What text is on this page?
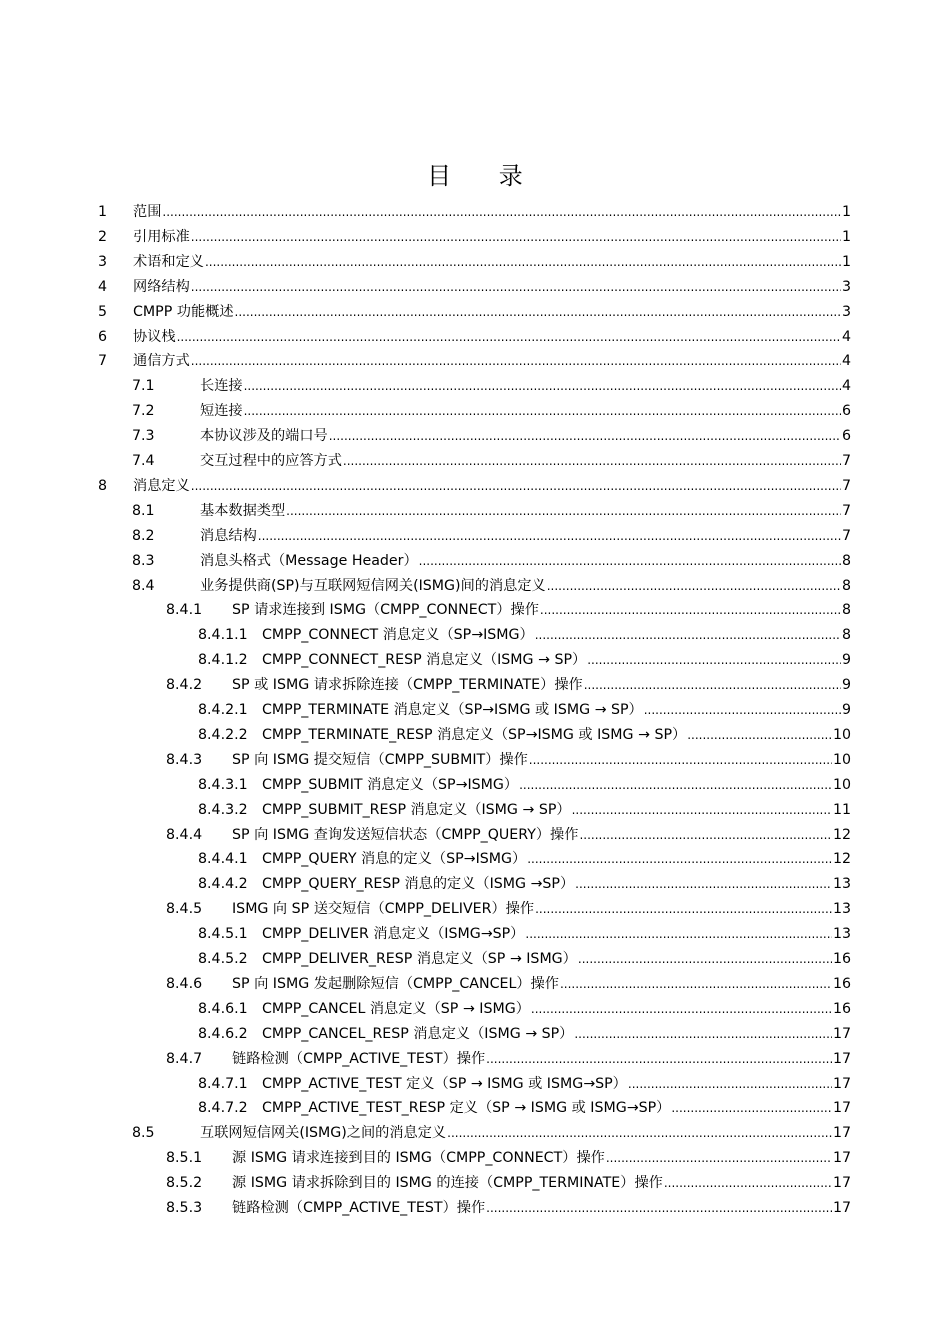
目 录
1	范围 .....	1
2	引用标准 .....	1
3	术语和定义 .....	1
4	网络结构 .....	3
5	CMPP 功能概述 .....	3
6	协议栈 .....	4
7	通信方式 .....	4
7.1	长连接 .....	4
7.2	短连接 .....	6
7.3	本协议涉及的端口号 .....	6
7.4	交互过程中的应答方式 .....	7
8	消息定义 .....	7
8.1	基本数据类型 .....	7
8.2	消息结构 .....	7
8.3	消息头格式（Message Header） .....	8
8.4	业务提供商(SP)与互联网短信网关(ISMG)间的消息定义 .....	8
8.4.1	SP 请求连接到 ISMG（CMPP_CONNECT）操作 .....	8
8.4.1.1	CMPP_CONNECT 消息定义（SP→ISMG） .....	8
8.4.1.2	CMPP_CONNECT_RESP 消息定义（ISMG → SP） .....	9
8.4.2	SP 或 ISMG 请求拆除连接（CMPP_TERMINATE）操作 .....	9
8.4.2.1	CMPP_TERMINATE 消息定义（SP→ISMG 或 ISMG → SP） .....	9
8.4.2.2	CMPP_TERMINATE_RESP 消息定义（SP→ISMG 或 ISMG → SP） .....	10
8.4.3	SP 向 ISMG 提交短信（CMPP_SUBMIT）操作 .....	10
8.4.3.1	CMPP_SUBMIT 消息定义（SP→ISMG） .....	10
8.4.3.2	CMPP_SUBMIT_RESP 消息定义（ISMG → SP） .....	11
8.4.4	SP 向 ISMG 查询发送短信状态（CMPP_QUERY）操作 .....	12
8.4.4.1	CMPP_QUERY 消息的定义（SP→ISMG） .....	12
8.4.4.2	CMPP_QUERY_RESP 消息的定义（ISMG →SP） .....	13
8.4.5	ISMG 向 SP 送交短信（CMPP_DELIVER）操作 .....	13
8.4.5.1	CMPP_DELIVER 消息定义（ISMG→SP） .....	13
8.4.5.2	CMPP_DELIVER_RESP 消息定义（SP → ISMG） .....	16
8.4.6	SP 向 ISMG 发起删除短信（CMPP_CANCEL）操作 .....	16
8.4.6.1	CMPP_CANCEL 消息定义（SP → ISMG） .....	16
8.4.6.2	CMPP_CANCEL_RESP 消息定义（ISMG → SP） .....	17
8.4.7	链路检测（CMPP_ACTIVE_TEST）操作 .....	17
8.4.7.1	CMPP_ACTIVE_TEST 定义（SP → ISMG 或 ISMG→SP） .....	17
8.4.7.2	CMPP_ACTIVE_TEST_RESP 定义（SP → ISMG 或 ISMG→SP） .....	17
8.5	互联网短信网关(ISMG)之间的消息定义 .....	17
8.5.1	源 ISMG 请求连接到目的 ISMG（CMPP_CONNECT）操作 .....	17
8.5.2	源 ISMG 请求拆除到目的 ISMG 的连接（CMPP_TERMINATE）操作 .....	17
8.5.3	链路检测（CMPP_ACTIVE_TEST）操作 .....	17
